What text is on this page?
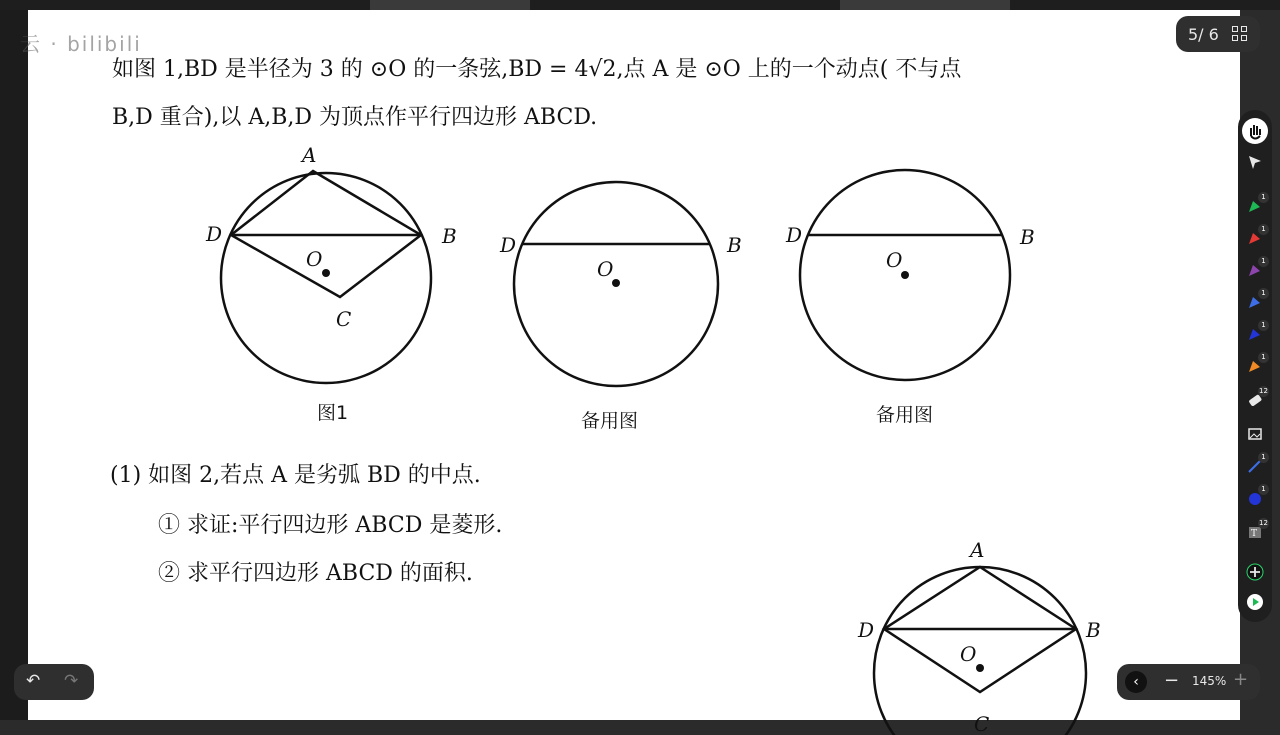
如图 1,BD 是半径为 3 的 ⊙O 的一条弦,BD = 4√2,点 A 是 ⊙O 上的一个动点( 不与点
B,D 重合),以 A,B,D 为顶点作平行四边形 ABCD.
A
D	B
O
C
图1
D	B
O
备用图
D	B
O
备用图
(1) 如图 2,若点 A 是劣弧 BD 的中点.
① 求证:平行四边形 ABCD 是菱形.
② 求平行四边形 ABCD 的面积.
A
D	B
O
C
云 · bilibili	5/ 6
1
1
1
1
1
1
12
1
1
T
12
↶ ↷	‹	− 145% +
